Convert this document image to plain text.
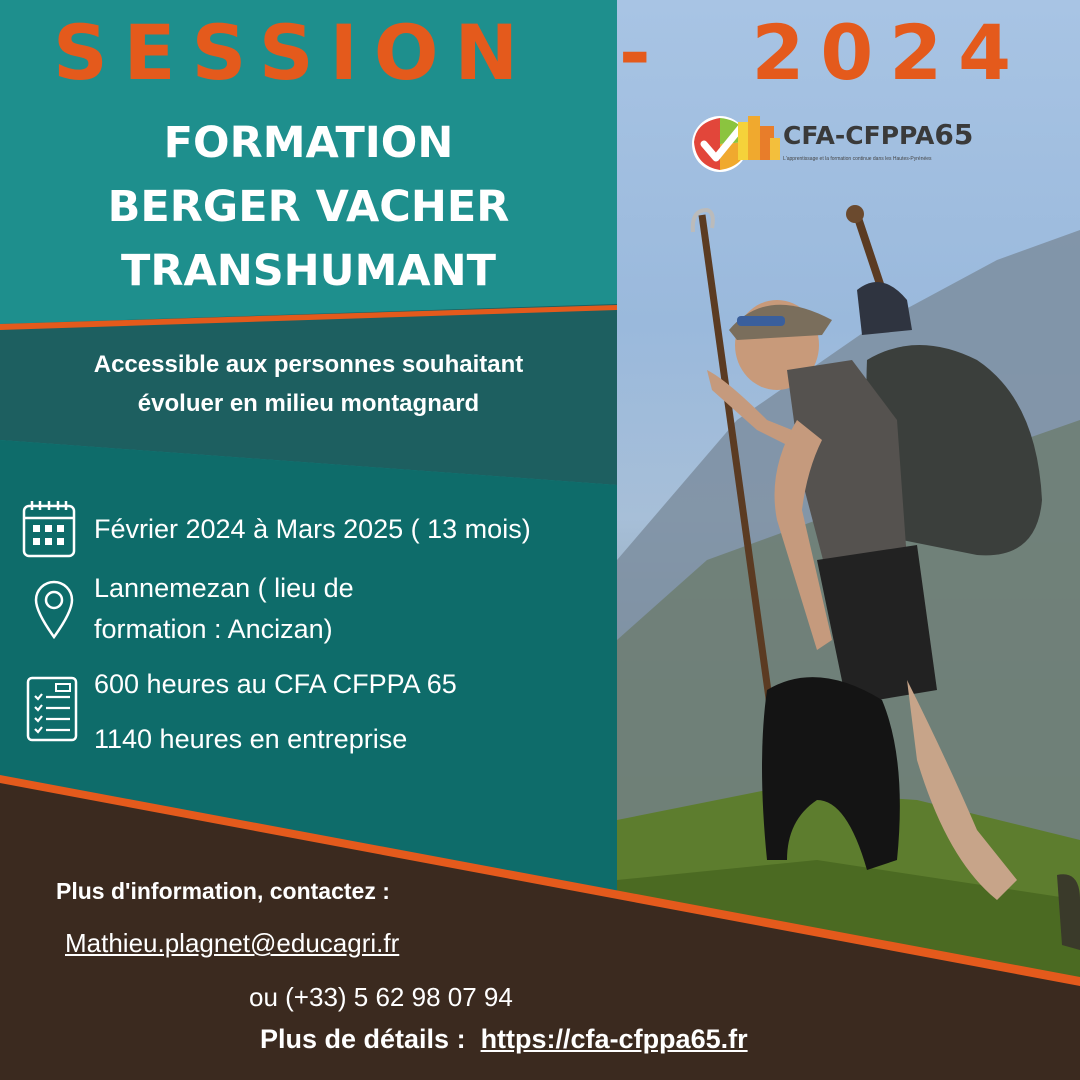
SESSION  -  2024
FORMATION
BERGER VACHER
TRANSHUMANT
Accessible aux personnes souhaitant
évoluer en milieu montagnard
Février 2024 à Mars 2025 ( 13 mois)
Lannemezan ( lieu de
formation : Ancizan)
600 heures au CFA CFPPA 65
1140 heures en entreprise
CFA-CFPPA65
L'apprentissage et la formation continue dans les Hautes-Pyrénées
Plus d'information, contactez :
Mathieu.plagnet@educagri.fr
ou (+33) 5 62 98 07 94
Plus de détails :  https://cfa-cfppa65.fr
